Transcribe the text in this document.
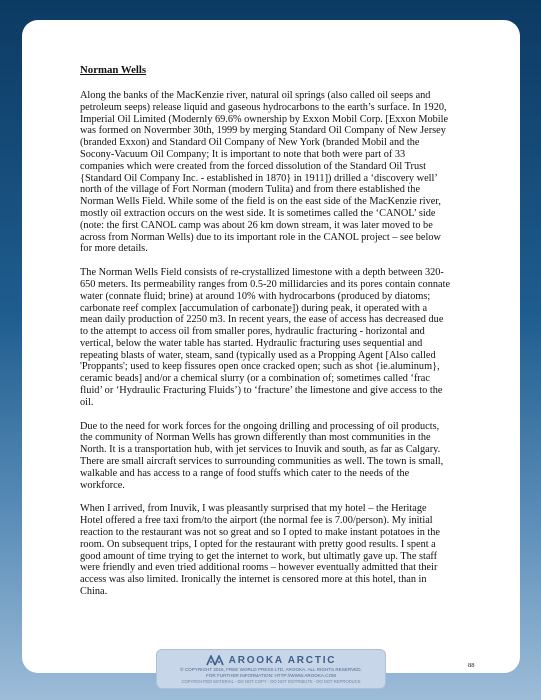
Norman Wells

Along the banks of the MacKenzie river, natural oil springs (also called oil seeps and
petroleum seeps) release liquid and gaseous hydrocarbons to the earth’s surface. In 1920,
Imperial Oil Limited (Modernly 69.6% ownership by Exxon Mobil Corp. [Exxon Mobile
was formed on Novermber 30th, 1999 by merging Standard Oil Company of New Jersey
(branded Exxon) and Standard Oil Company of New York (branded Mobil and the
Socony-Vacuum Oil Company; It is important to note that both were part of 33
companies which were created from the forced dissolution of the Standard Oil Trust
{Standard Oil Company Inc. - established in 1870} in 1911]) drilled a ‘discovery well’
north of the village of Fort Norman (modern Tulita) and from there established the
Norman Wells Field. While some of the field is on the east side of the MacKenzie river,
mostly oil extraction occurs on the west side. It is sometimes called the ‘CANOL’ side
(note: the first CANOL camp was about 26 km down stream, it was later moved to be
across from Norman Wells) due to its important role in the CANOL project – see below
for more details.

The Norman Wells Field consists of re-crystallized limestone with a depth between 320-
650 meters. Its permeability ranges from 0.5-20 millidarcies and its pores contain connate
water (connate fluid; brine) at around 10% with hydrocarbons (produced by diatoms;
carbonate reef complex [accumulation of carbonate]) during peak, it operated with a
mean daily production of 2250 m3. In recent years, the ease of access has decreased due
to the attempt to access oil from smaller pores, hydraulic fracturing - horizontal and
vertical, below the water table has started. Hydraulic fracturing uses sequential and
repeating blasts of water, steam, sand (typically used as a Propping Agent [Also called
'Proppants'; used to keep fissures open once cracked open; such as shot {ie.aluminum},
ceramic beads] and/or a chemical slurry (or a combination of; sometimes called ‘frac
fluid’ or ‘Hydraulic Fracturing Fluids’) to ‘fracture’ the limestone and give access to the
oil.

Due to the need for work forces for the ongoing drilling and processing of oil products,
the community of Norman Wells has grown differently than most communities in the
North. It is a transportation hub, with jet services to Inuvik and south, as far as Calgary.
There are small aircraft services to surrounding communities as well. The town is small,
walkable and has access to a range of food stuffs which cater to the needs of the
workforce.

When I arrived, from Inuvik, I was pleasantly surprised that my hotel – the Heritage
Hotel offered a free taxi from/to the airport (the normal fee is 7.00/person). My initial
reaction to the restaurant was not so great and so I opted to make instant potatoes in the
room. On subsequent trips, I opted for the restaurant with pretty good results. I spent a
good amount of time trying to get the internet to work, but ultimatly gave up. The staff
were friendly and even tried additional rooms – however eventually admitted that their
access was also limited. Ironically the internet is censored more at this hotel, than in
China.

AROOKA ARCTIC
© COPYRIGHT 2016, FREE WORLD PRESS LTD, AROOKA. ALL RIGHTS RESERVED.
FOR FURTHER INFORMATION: HTTP://WWW.AROOKA.COM
COPYRIGHTED MATERIAL - DO NOT COPY - DO NOT DISTRIBUTE - DO NOT REPRODUCE
88
